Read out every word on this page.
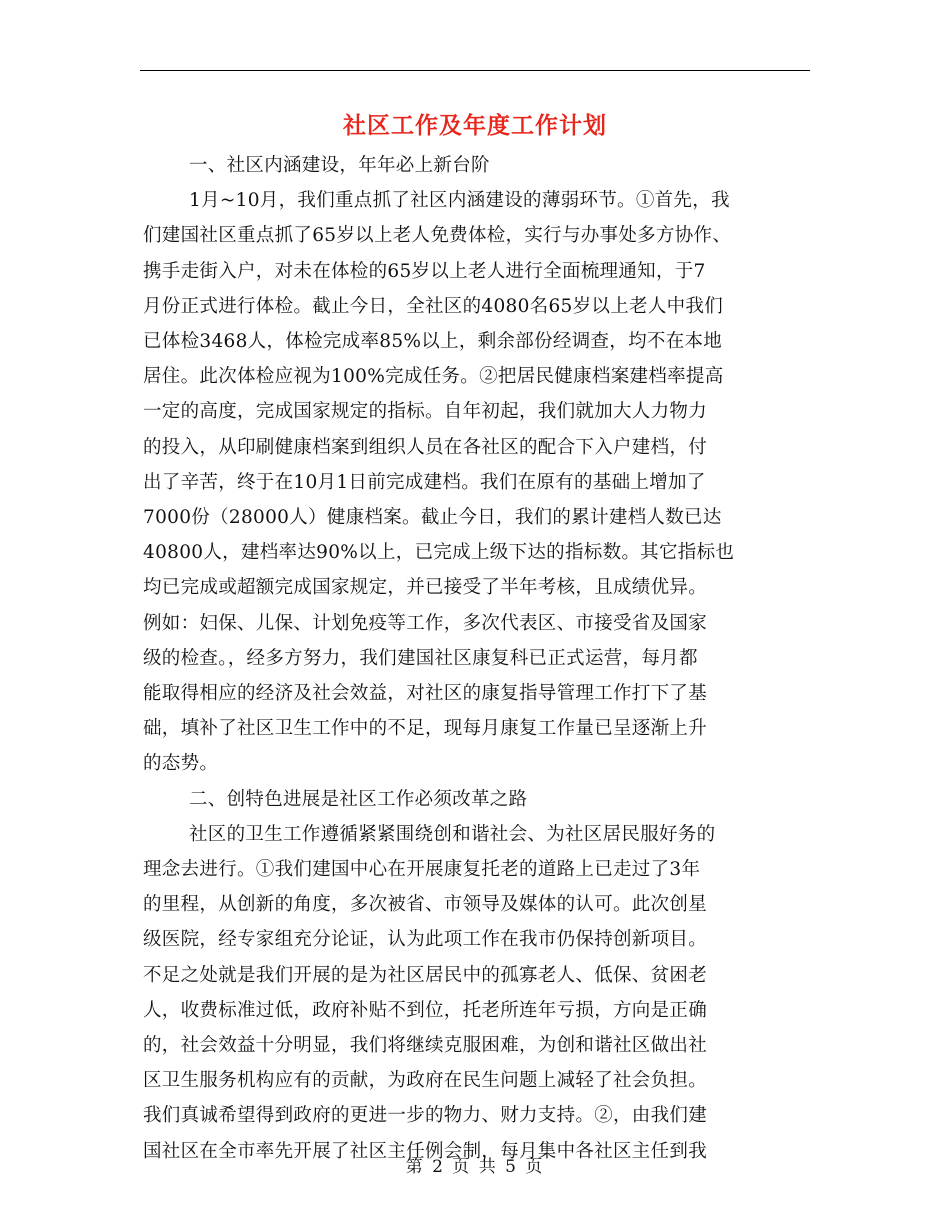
社区工作及年度工作计划
一、社区内涵建设，年年必上新台阶
1月~10月，我们重点抓了社区内涵建设的薄弱环节。①首先，我
们建国社区重点抓了65岁以上老人免费体检，实行与办事处多方协作、
携手走街入户，对未在体检的65岁以上老人进行全面梳理通知，于7
月份正式进行体检。截止今日，全社区的4080名65岁以上老人中我们
已体检3468人，体检完成率85%以上，剩余部份经调查，均不在本地
居住。此次体检应视为100%完成任务。②把居民健康档案建档率提高
一定的高度，完成国家规定的指标。自年初起，我们就加大人力物力
的投入，从印刷健康档案到组织人员在各社区的配合下入户建档，付
出了辛苦，终于在10月1日前完成建档。我们在原有的基础上增加了
7000份（28000人）健康档案。截止今日，我们的累计建档人数已达
40800人，建档率达90%以上，已完成上级下达的指标数。其它指标也
均已完成或超额完成国家规定，并已接受了半年考核，且成绩优异。
例如：妇保、儿保、计划免疫等工作，多次代表区、市接受省及国家
级的检查。，经多方努力，我们建国社区康复科已正式运营，每月都
能取得相应的经济及社会效益，对社区的康复指导管理工作打下了基
础，填补了社区卫生工作中的不足，现每月康复工作量已呈逐渐上升
的态势。
二、创特色进展是社区工作必须改革之路
社区的卫生工作遵循紧紧围绕创和谐社会、为社区居民服好务的
理念去进行。①我们建国中心在开展康复托老的道路上已走过了3年
的里程，从创新的角度，多次被省、市领导及媒体的认可。此次创星
级医院，经专家组充分论证，认为此项工作在我市仍保持创新项目。
不足之处就是我们开展的是为社区居民中的孤寡老人、低保、贫困老
人，收费标准过低，政府补贴不到位，托老所连年亏损，方向是正确
的，社会效益十分明显，我们将继续克服困难，为创和谐社区做出社
区卫生服务机构应有的贡献，为政府在民生问题上减轻了社会负担。
我们真诚希望得到政府的更进一步的物力、财力支持。②，由我们建
国社区在全市率先开展了社区主任例会制，每月集中各社区主任到我
第 2 页 共 5 页
